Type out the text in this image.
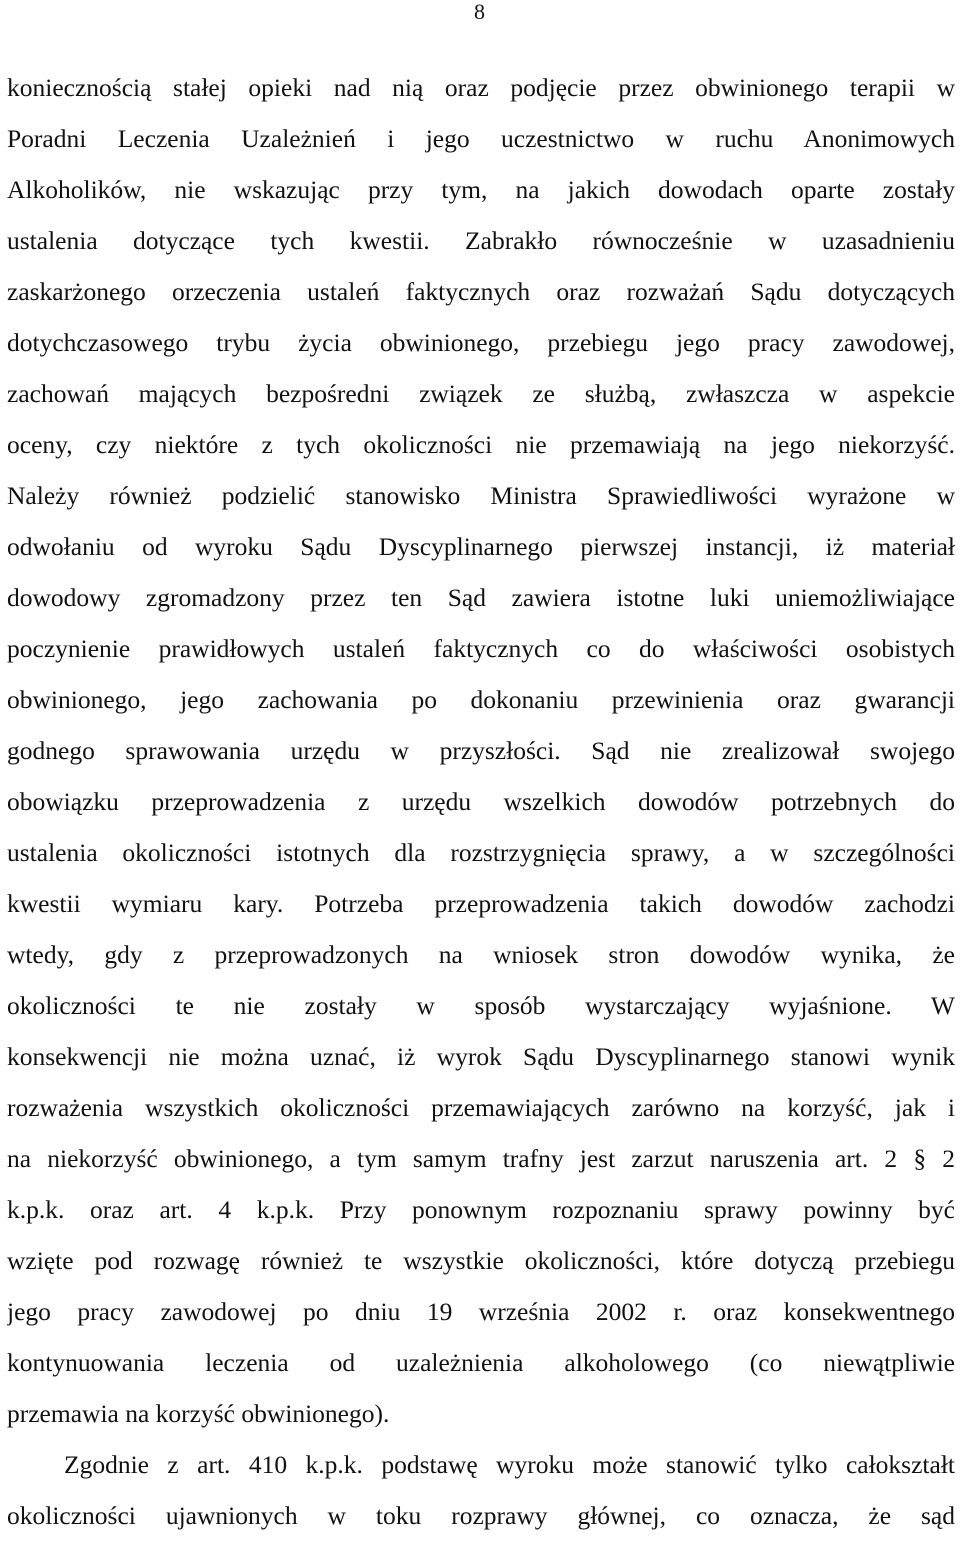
8
koniecznością stałej opieki nad nią oraz podjęcie przez obwinionego terapii w
Poradni Leczenia Uzależnień i jego uczestnictwo w ruchu Anonimowych
Alkoholików, nie wskazując przy tym, na jakich dowodach oparte zostały
ustalenia dotyczące tych kwestii. Zabrakło równocześnie w uzasadnieniu
zaskarżonego orzeczenia ustaleń faktycznych oraz rozważań Sądu dotyczących
dotychczasowego trybu życia obwinionego, przebiegu jego pracy zawodowej,
zachowań mających bezpośredni związek ze służbą, zwłaszcza w aspekcie
oceny, czy niektóre z tych okoliczności nie przemawiają na jego niekorzyść.
Należy również podzielić stanowisko Ministra Sprawiedliwości wyrażone w
odwołaniu od wyroku Sądu Dyscyplinarnego pierwszej instancji, iż materiał
dowodowy zgromadzony przez ten Sąd zawiera istotne luki uniemożliwiające
poczynienie prawidłowych ustaleń faktycznych co do właściwości osobistych
obwinionego, jego zachowania po dokonaniu przewinienia oraz gwarancji
godnego sprawowania urzędu w przyszłości. Sąd nie zrealizował swojego
obowiązku przeprowadzenia z urzędu wszelkich dowodów potrzebnych do
ustalenia okoliczności istotnych dla rozstrzygnięcia sprawy, a w szczególności
kwestii wymiaru kary. Potrzeba przeprowadzenia takich dowodów zachodzi
wtedy, gdy z przeprowadzonych na wniosek stron dowodów wynika, że
okoliczności te nie zostały w sposób wystarczający wyjaśnione. W
konsekwencji nie można uznać, iż wyrok Sądu Dyscyplinarnego stanowi wynik
rozważenia wszystkich okoliczności przemawiających zarówno na korzyść, jak i
na niekorzyść obwinionego, a tym samym trafny jest zarzut naruszenia art. 2 § 2
k.p.k. oraz art. 4 k.p.k. Przy ponownym rozpoznaniu sprawy powinny być
wzięte pod rozwagę również te wszystkie okoliczności, które dotyczą przebiegu
jego pracy zawodowej po dniu 19 września 2002 r. oraz konsekwentnego
kontynuowania leczenia od uzależnienia alkoholowego (co niewątpliwie
przemawia na korzyść obwinionego).
Zgodnie z art. 410 k.p.k. podstawę wyroku może stanowić tylko całokształt
okoliczności ujawnionych w toku rozprawy głównej, co oznacza, że sąd
